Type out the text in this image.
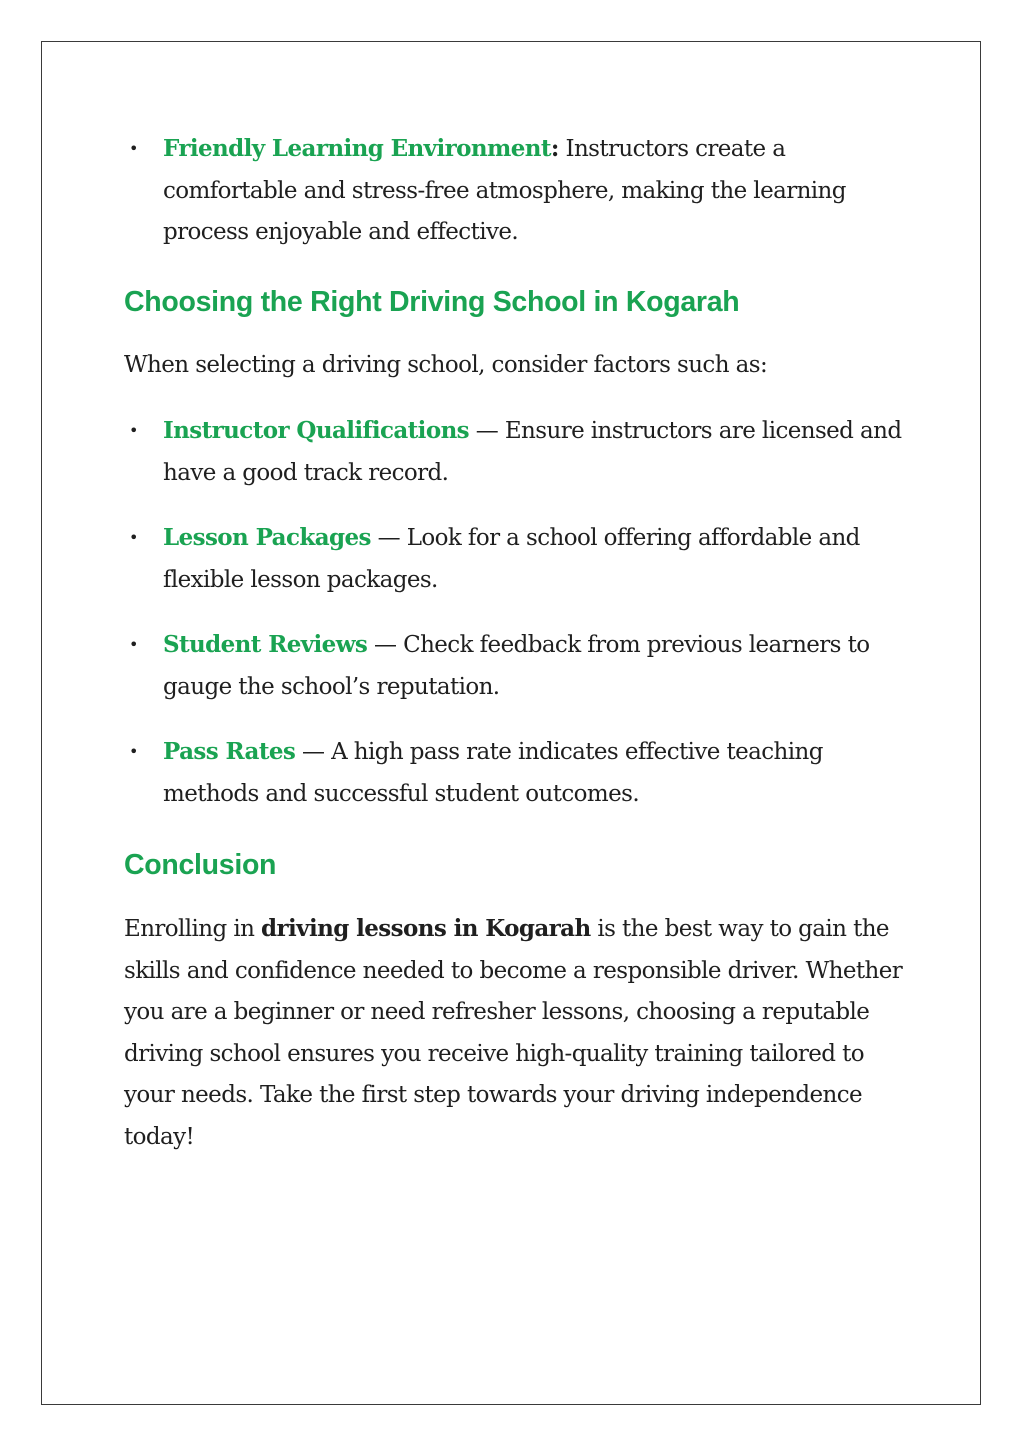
• Friendly Learning Environment: Instructors create a comfortable and stress-free atmosphere, making the learning process enjoyable and effective.
Choosing the Right Driving School in Kogarah

When selecting a driving school, consider factors such as:

• Instructor Qualifications — Ensure instructors are licensed and have a good track record.
• Lesson Packages — Look for a school offering affordable and flexible lesson packages.
• Student Reviews — Check feedback from previous learners to gauge the school’s reputation.
• Pass Rates — A high pass rate indicates effective teaching methods and successful student outcomes.
Conclusion

Enrolling in driving lessons in Kogarah is the best way to gain the skills and confidence needed to become a responsible driver. Whether you are a beginner or need refresher lessons, choosing a reputable driving school ensures you receive high-quality training tailored to your needs. Take the first step towards your driving independence today!
